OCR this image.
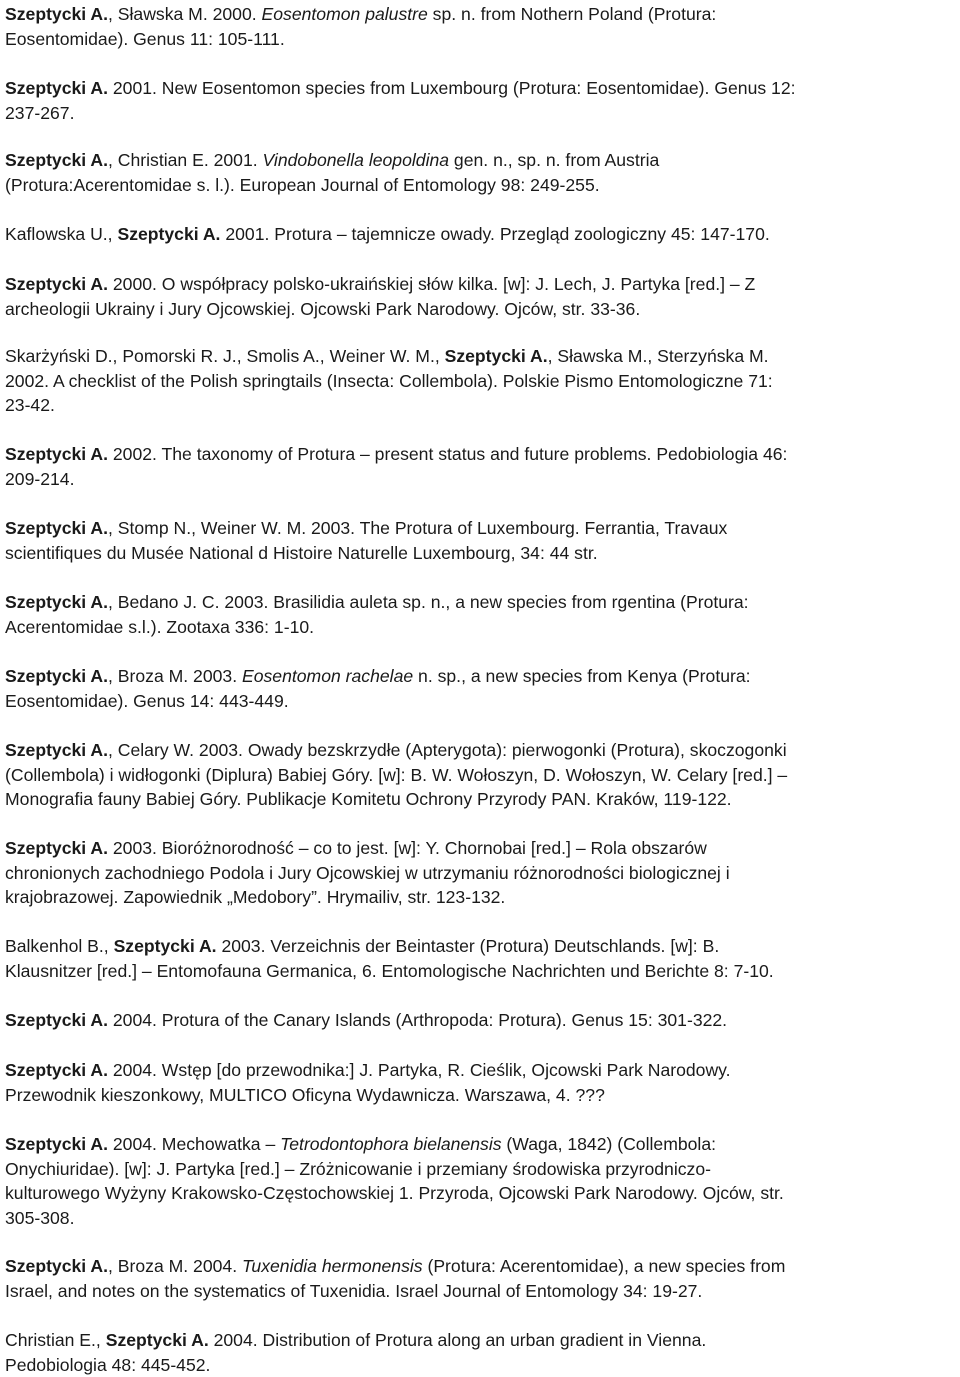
Szeptycki A., Sławska M. 2000. Eosentomon palustre sp. n. from Nothern Poland (Protura:
Eosentomidae). Genus 11: 105-111.

Szeptycki A. 2001. New Eosentomon species from Luxembourg (Protura: Eosentomidae). Genus 12:
237-267.

Szeptycki A., Christian E. 2001. Vindobonella leopoldina gen. n., sp. n. from Austria
(Protura:Acerentomidae s. l.). European Journal of Entomology 98: 249-255.

Kaflowska U., Szeptycki A. 2001. Protura – tajemnicze owady. Przegląd zoologiczny 45: 147-170.

Szeptycki A. 2000. O współpracy polsko-ukraińskiej słów kilka. [w]: J. Lech, J. Partyka [red.] – Z
archeologii Ukrainy i Jury Ojcowskiej. Ojcowski Park Narodowy. Ojców, str. 33-36.

Skarżyński D., Pomorski R. J., Smolis A., Weiner W. M., Szeptycki A., Sławska M., Sterzyńska M.
2002. A checklist of the Polish springtails (Insecta: Collembola). Polskie Pismo Entomologiczne 71:
23-42.

Szeptycki A. 2002. The taxonomy of Protura – present status and future problems. Pedobiologia 46:
209-214.

Szeptycki A., Stomp N., Weiner W. M. 2003. The Protura of Luxembourg. Ferrantia, Travaux
scientifiques du Musée National d Histoire Naturelle Luxembourg, 34: 44 str.

Szeptycki A., Bedano J. C. 2003. Brasilidia auleta sp. n., a new species from rgentina (Protura:
Acerentomidae s.l.). Zootaxa 336: 1-10.

Szeptycki A., Broza M. 2003. Eosentomon rachelae n. sp., a new species from Kenya (Protura:
Eosentomidae). Genus 14: 443-449.

Szeptycki A., Celary W. 2003. Owady bezskrzydłe (Apterygota): pierwogonki (Protura), skoczogonki
(Collembola) i widłogonki (Diplura) Babiej Góry. [w]: B. W. Wołoszyn, D. Wołoszyn, W. Celary [red.] –
Monografia fauny Babiej Góry. Publikacje Komitetu Ochrony Przyrody PAN. Kraków, 119-122.

Szeptycki A. 2003. Bioróżnorodność – co to jest. [w]: Y. Chornobai [red.] – Rola obszarów
chronionych zachodniego Podola i Jury Ojcowskiej w utrzymaniu różnorodności biologicznej i
krajobrazowej. Zapowiednik „Medobory”. Hrymailiv, str. 123-132.

Balkenhol B., Szeptycki A. 2003. Verzeichnis der Beintaster (Protura) Deutschlands. [w]: B.
Klausnitzer [red.] – Entomofauna Germanica, 6. Entomologische Nachrichten und Berichte 8: 7-10.

Szeptycki A. 2004. Protura of the Canary Islands (Arthropoda: Protura). Genus 15: 301-322.

Szeptycki A. 2004. Wstęp [do przewodnika:] J. Partyka, R. Cieślik, Ojcowski Park Narodowy.
Przewodnik kieszonkowy, MULTICO Oficyna Wydawnicza. Warszawa, 4. ???

Szeptycki A. 2004. Mechowatka – Tetrodontophora bielanensis (Waga, 1842) (Collembola:
Onychiuridae). [w]: J. Partyka [red.] – Zróżnicowanie i przemiany środowiska przyrodniczo-
kulturowego Wyżyny Krakowsko-Częstochowskiej 1. Przyroda, Ojcowski Park Narodowy. Ojców, str.
305-308.

Szeptycki A., Broza M. 2004. Tuxenidia hermonensis (Protura: Acerentomidae), a new species from
Israel, and notes on the systematics of Tuxenidia. Israel Journal of Entomology 34: 19-27.

Christian E., Szeptycki A. 2004. Distribution of Protura along an urban gradient in Vienna.
Pedobiologia 48: 445-452.
